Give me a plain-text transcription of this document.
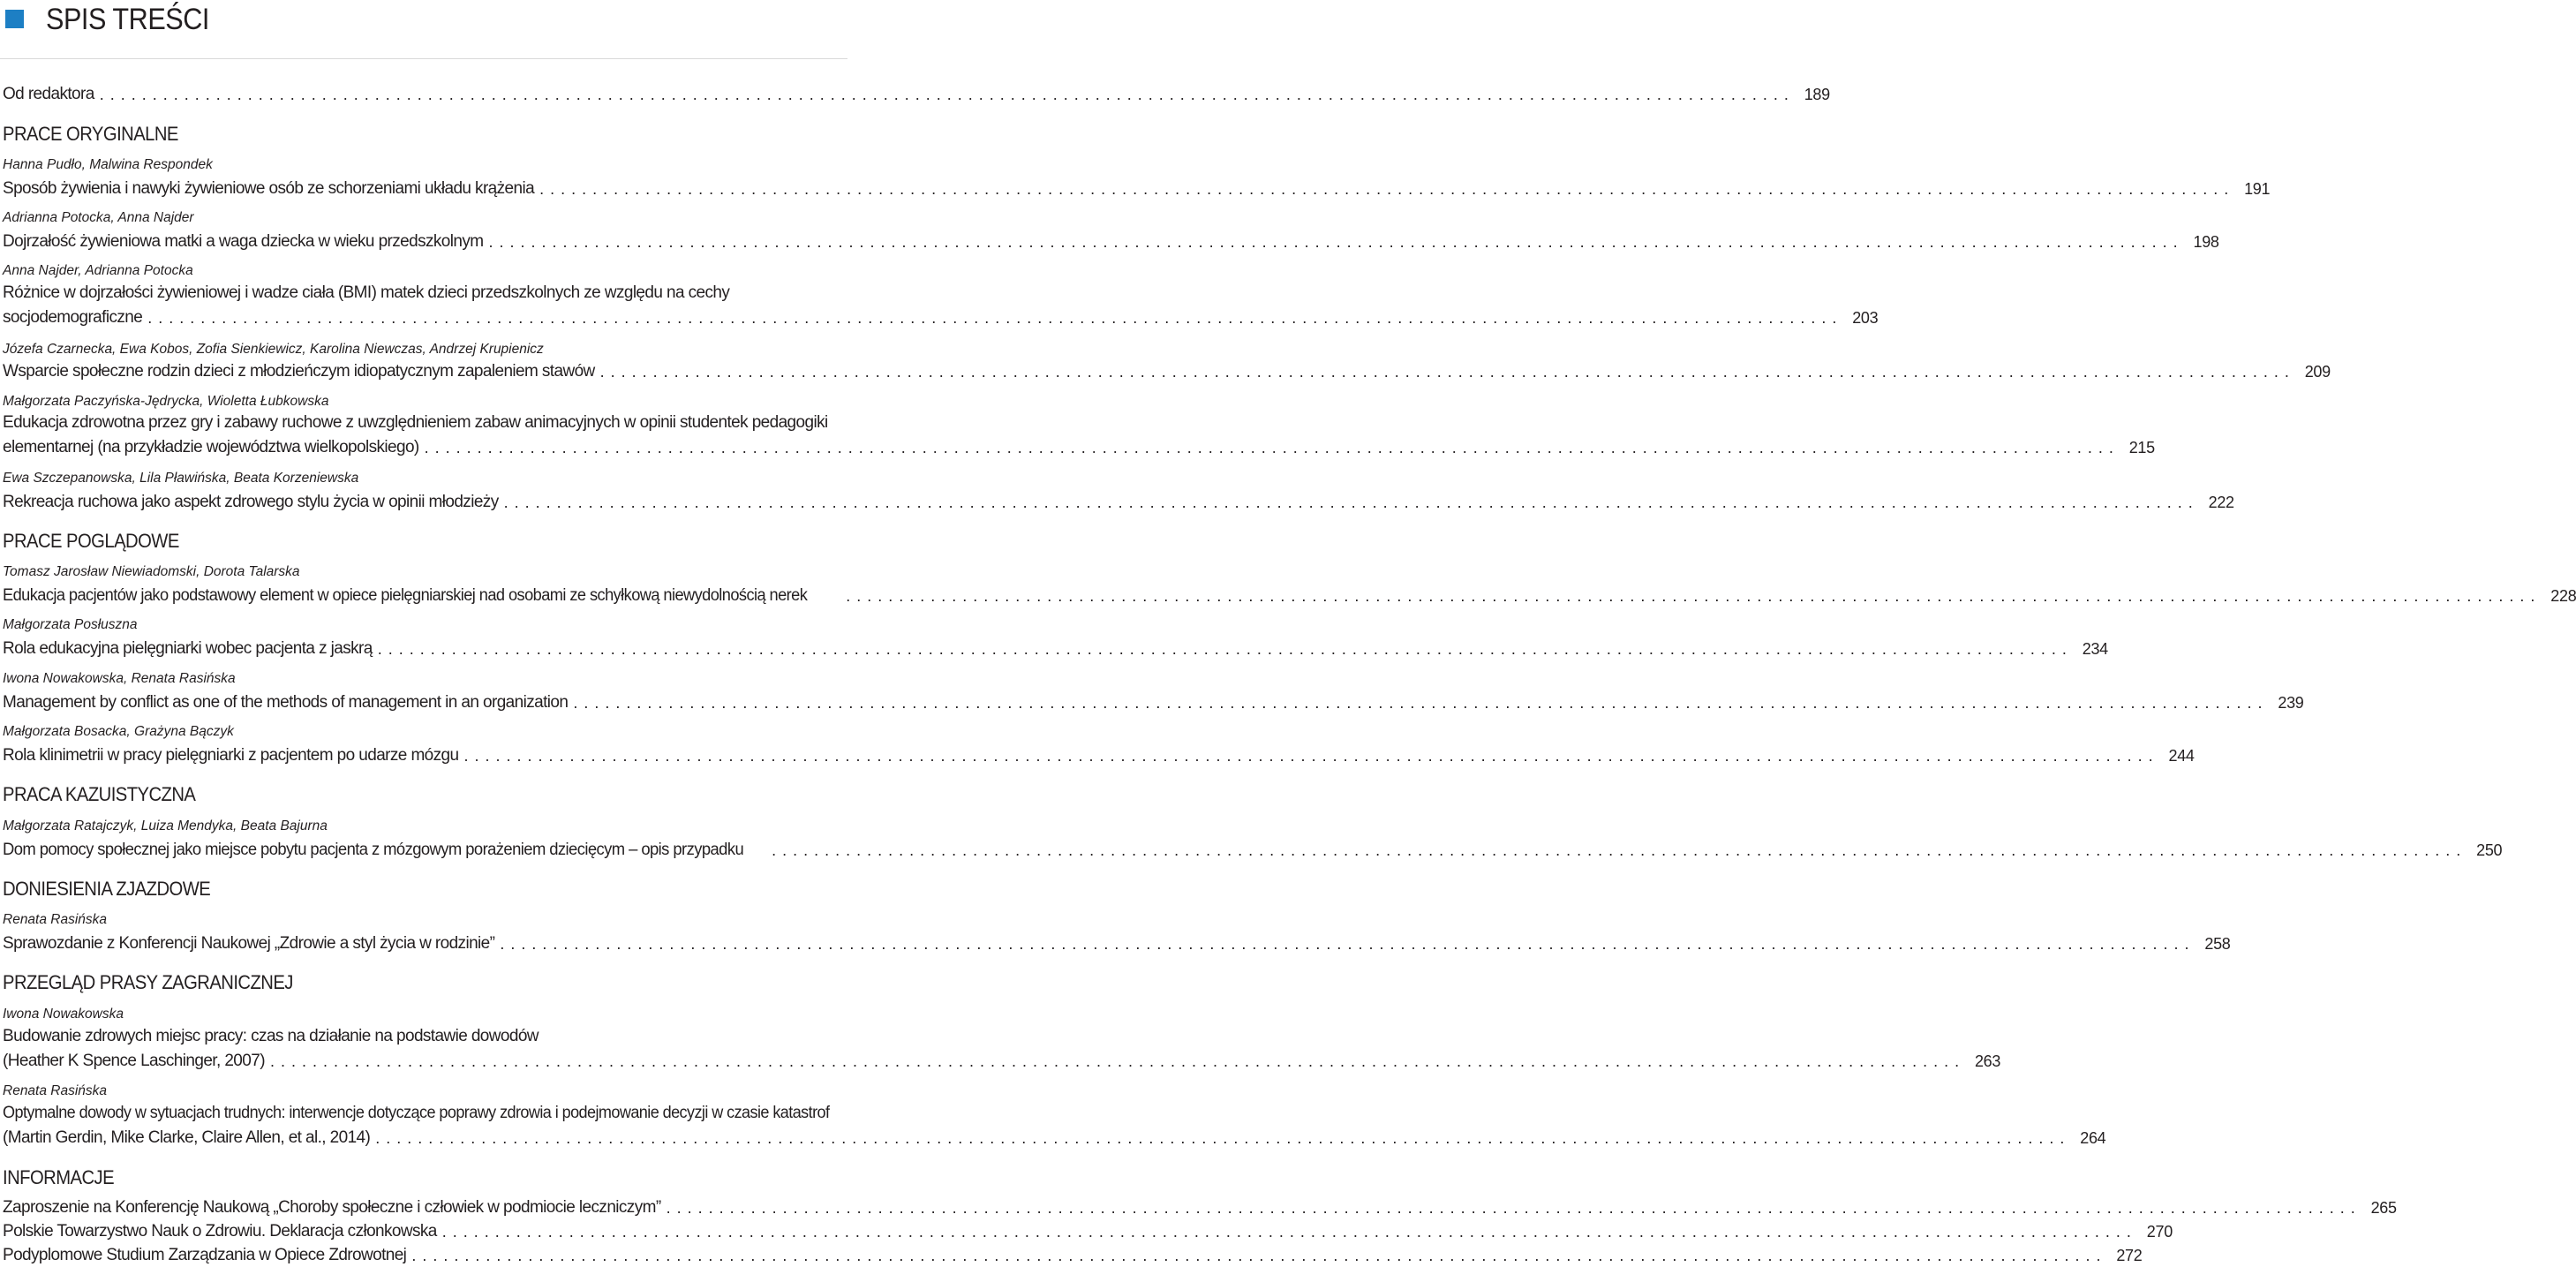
SPIS TREŚCI
Od redaktora ................................................................................................................................................................ 189
PRACE ORYGINALNE
Hanna Pudło, Malwina Respondek
Sposób żywienia i nawyki żywieniowe osób ze schorzeniami układu krążenia ................................................................................................................................................................ 191
Adrianna Potocka, Anna Najder
Dojrzałość żywieniowa matki a waga dziecka w wieku przedszkolnym ................................................................................................................................................................ 198
Anna Najder, Adrianna Potocka
Różnice w dojrzałości żywieniowej i wadze ciała (BMI) matek dzieci przedszkolnych ze względu na cechy
socjodemograficzne ................................................................................................................................................................ 203
Józefa Czarnecka, Ewa Kobos, Zofia Sienkiewicz, Karolina Niewczas, Andrzej Krupienicz
Wsparcie społeczne rodzin dzieci z młodzieńczym idiopatycznym zapaleniem stawów ................................................................................................................................................................ 209
Małgorzata Paczyńska-Jędrycka, Wioletta Łubkowska
Edukacja zdrowotna przez gry i zabawy ruchowe z uwzględnieniem zabaw animacyjnych w opinii studentek pedagogiki
elementarnej (na przykładzie województwa wielkopolskiego) ................................................................................................................................................................ 215
Ewa Szczepanowska, Lila Pławińska, Beata Korzeniewska
Rekreacja ruchowa jako aspekt zdrowego stylu życia w opinii młodzieży ................................................................................................................................................................ 222
PRACE POGLĄDOWE
Tomasz Jarosław Niewiadomski, Dorota Talarska
Edukacja pacjentów jako podstawowy element w opiece pielęgniarskiej nad osobami ze schyłkową niewydolnością nerek	................................................................................................................................................................ 228
Małgorzata Posłuszna
Rola edukacyjna pielęgniarki wobec pacjenta z jaskrą ................................................................................................................................................................ 234
Iwona Nowakowska, Renata Rasińska
Management by conflict as one of the methods of management in an organization ................................................................................................................................................................ 239
Małgorzata Bosacka, Grażyna Bączyk
Rola klinimetrii w pracy pielęgniarki z pacjentem po udarze mózgu ................................................................................................................................................................ 244
PRACA KAZUISTYCZNA
Małgorzata Ratajczyk, Luiza Mendyka, Beata Bajurna
Dom pomocy społecznej jako miejsce pobytu pacjenta z mózgowym porażeniem dziecięcym – opis przypadku	................................................................................................................................................................ 250
DONIESIENIA ZJAZDOWE
Renata Rasińska
Sprawozdanie z Konferencji Naukowej „Zdrowie a styl życia w rodzinie” ................................................................................................................................................................ 258
PRZEGLĄD PRASY ZAGRANICZNEJ
Iwona Nowakowska
Budowanie zdrowych miejsc pracy: czas na działanie na podstawie dowodów
(Heather K Spence Laschinger, 2007) ................................................................................................................................................................ 263
Renata Rasińska
Optymalne dowody w sytuacjach trudnych: interwencje dotyczące poprawy zdrowia i podejmowanie decyzji w czasie katastrof
(Martin Gerdin, Mike Clarke, Claire Allen, et al., 2014) ................................................................................................................................................................ 264
INFORMACJE
Zaproszenie na Konferencję Naukową „Choroby społeczne i człowiek w podmiocie leczniczym” ................................................................................................................................................................ 265
Polskie Towarzystwo Nauk o Zdrowiu. Deklaracja członkowska ................................................................................................................................................................ 270
Podyplomowe Studium Zarządzania w Opiece Zdrowotnej ................................................................................................................................................................ 272
